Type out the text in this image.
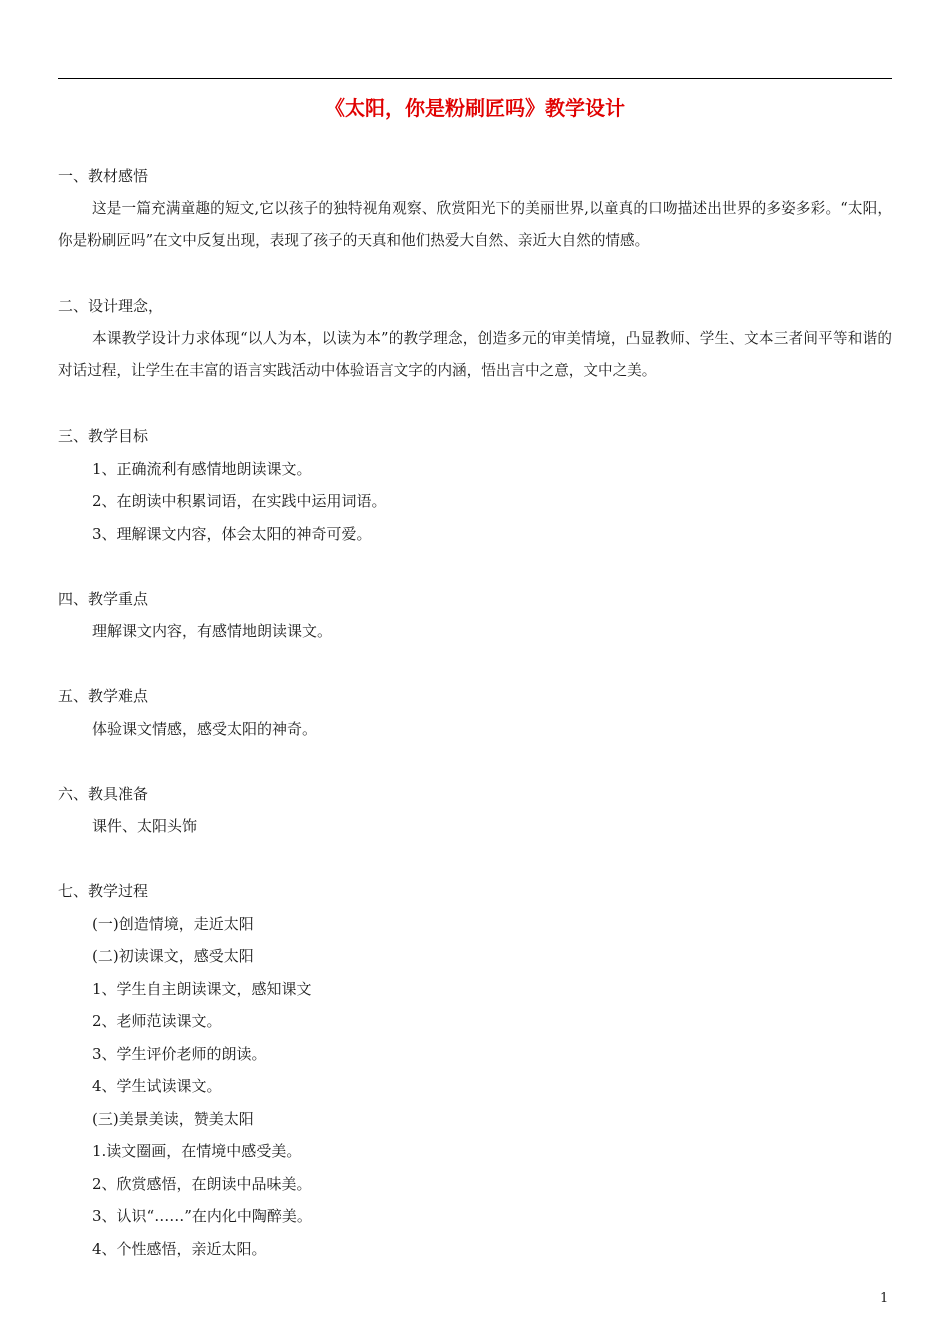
《太阳，你是粉刷匠吗》教学设计

一、教材感悟

这是一篇充满童趣的短文,它以孩子的独特视角观察、欣赏阳光下的美丽世界,以童真的口吻描述出世界的多姿多彩。“太阳，你是粉刷匠吗”在文中反复出现，表现了孩子的天真和他们热爱大自然、亲近大自然的情感。

二、设计理念，

本课教学设计力求体现“以人为本，以读为本”的教学理念，创造多元的审美情境，凸显教师、学生、文本三者间平等和谐的对话过程，让学生在丰富的语言实践活动中体验语言文字的内涵，悟出言中之意，文中之美。

三、教学目标

1、正确流利有感情地朗读课文。

2、在朗读中积累词语，在实践中运用词语。

3、理解课文内容，体会太阳的神奇可爱。

四、教学重点

理解课文内容，有感情地朗读课文。

五、教学难点

体验课文情感，感受太阳的神奇。

六、教具准备

课件、太阳头饰

七、教学过程

(一)创造情境，走近太阳

(二)初读课文，感受太阳

1、学生自主朗读课文，感知课文

2、老师范读课文。

3、学生评价老师的朗读。

4、学生试读课文。

(三)美景美读，赞美太阳

1.读文圈画，在情境中感受美。

2、欣赏感悟，在朗读中品味美。

3、认识“……”在内化中陶醉美。

4、个性感悟，亲近太阳。

1
